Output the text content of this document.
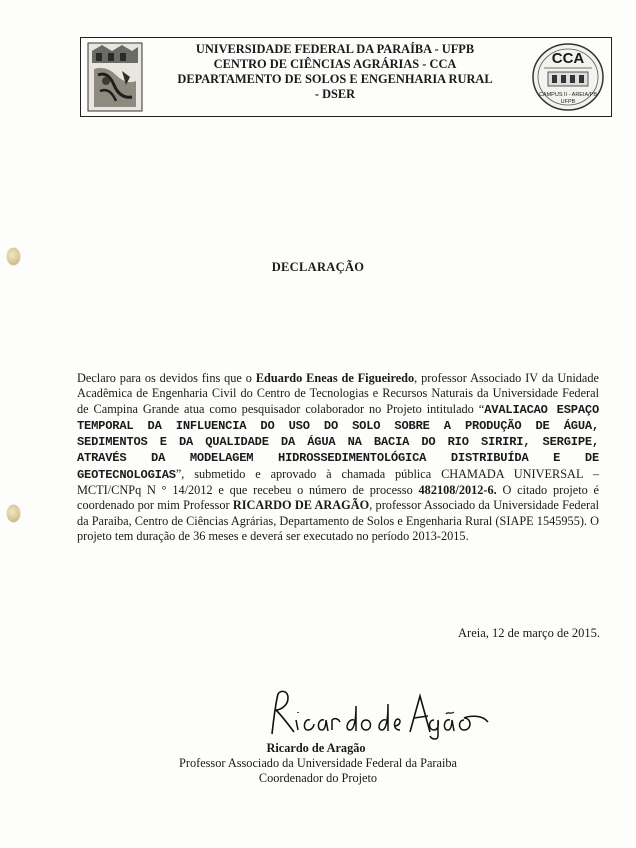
UNIVERSIDADE FEDERAL DA PARAÍBA - UFPB
CENTRO DE CIÊNCIAS AGRÁRIAS - CCA
DEPARTAMENTO DE SOLOS E ENGENHARIA RURAL
- DSER
CCA
CAMPUS II - AREIA/PB
UFPB
DECLARAÇÃO

Declaro para os devidos fins que o Eduardo Eneas de Figueiredo, professor Associado IV da Unidade Acadêmica de Engenharia Civil do Centro de Tecnologias e Recursos Naturais da Universidade Federal de Campina Grande atua como pesquisador colaborador no Projeto intitulado “AVALIACAO ESPAÇO TEMPORAL DA INFLUENCIA DO USO DO SOLO SOBRE A PRODUÇÃO DE ÁGUA, SEDIMENTOS E DA QUALIDADE DA ÁGUA NA BACIA DO RIO SIRIRI, SERGIPE, ATRAVÉS DA MODELAGEM HIDROSSEDIMENTOLÓGICA DISTRIBUÍDA E DE GEOTECNOLOGIAS”, submetido e aprovado à chamada pública CHAMADA UNIVERSAL – MCTI/CNPq N ° 14/2012 e que recebeu o número de processo 482108/2012-6. O citado projeto é coordenado por mim Professor RICARDO DE ARAGÃO, professor Associado da Universidade Federal da Paraiba, Centro de Ciências Agrárias, Departamento de Solos e Engenharia Rural (SIAPE 1545955). O projeto tem duração de 36 meses e deverá ser executado no período 2013-2015.

Areia, 12 de março de 2015.
Ricardo de Aragão
Professor Associado da Universidade Federal da Paraiba
Coordenador do Projeto
